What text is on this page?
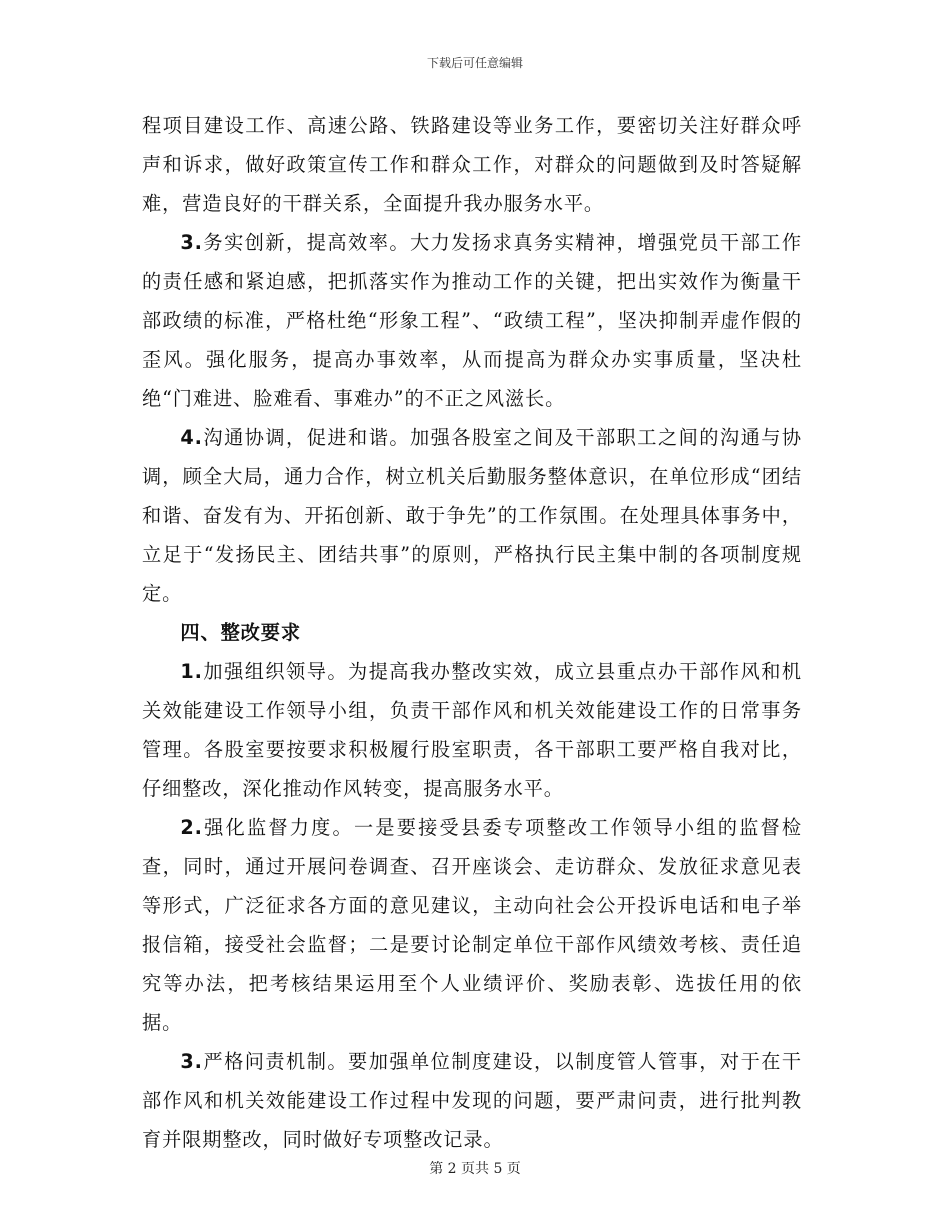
下载后可任意编辑

程项目建设工作、高速公路、铁路建设等业务工作，要密切关注好群众呼声和诉求，做好政策宣传工作和群众工作，对群众的问题做到及时答疑解难，营造良好的干群关系，全面提升我办服务水平。

3.务实创新，提高效率。大力发扬求真务实精神，增强党员干部工作的责任感和紧迫感，把抓落实作为推动工作的关键，把出实效作为衡量干部政绩的标准，严格杜绝“形象工程”、“政绩工程”，坚决抑制弄虚作假的歪风。强化服务，提高办事效率，从而提高为群众办实事质量，坚决杜绝“门难进、脸难看、事难办”的不正之风滋长。

4.沟通协调，促进和谐。加强各股室之间及干部职工之间的沟通与协调，顾全大局，通力合作，树立机关后勤服务整体意识，在单位形成“团结和谐、奋发有为、开拓创新、敢于争先”的工作氛围。在处理具体事务中，立足于“发扬民主、团结共事”的原则，严格执行民主集中制的各项制度规定。

四、整改要求

1.加强组织领导。为提高我办整改实效，成立县重点办干部作风和机关效能建设工作领导小组，负责干部作风和机关效能建设工作的日常事务管理。各股室要按要求积极履行股室职责，各干部职工要严格自我对比，仔细整改，深化推动作风转变，提高服务水平。

2.强化监督力度。一是要接受县委专项整改工作领导小组的监督检查，同时，通过开展问卷调查、召开座谈会、走访群众、发放征求意见表等形式，广泛征求各方面的意见建议，主动向社会公开投诉电话和电子举报信箱，接受社会监督；二是要讨论制定单位干部作风绩效考核、责任追究等办法，把考核结果运用至个人业绩评价、奖励表彰、选拔任用的依据。

3.严格问责机制。要加强单位制度建设，以制度管人管事，对于在干部作风和机关效能建设工作过程中发现的问题，要严肃问责，进行批判教育并限期整改，同时做好专项整改记录。

第 2 页共 5 页
